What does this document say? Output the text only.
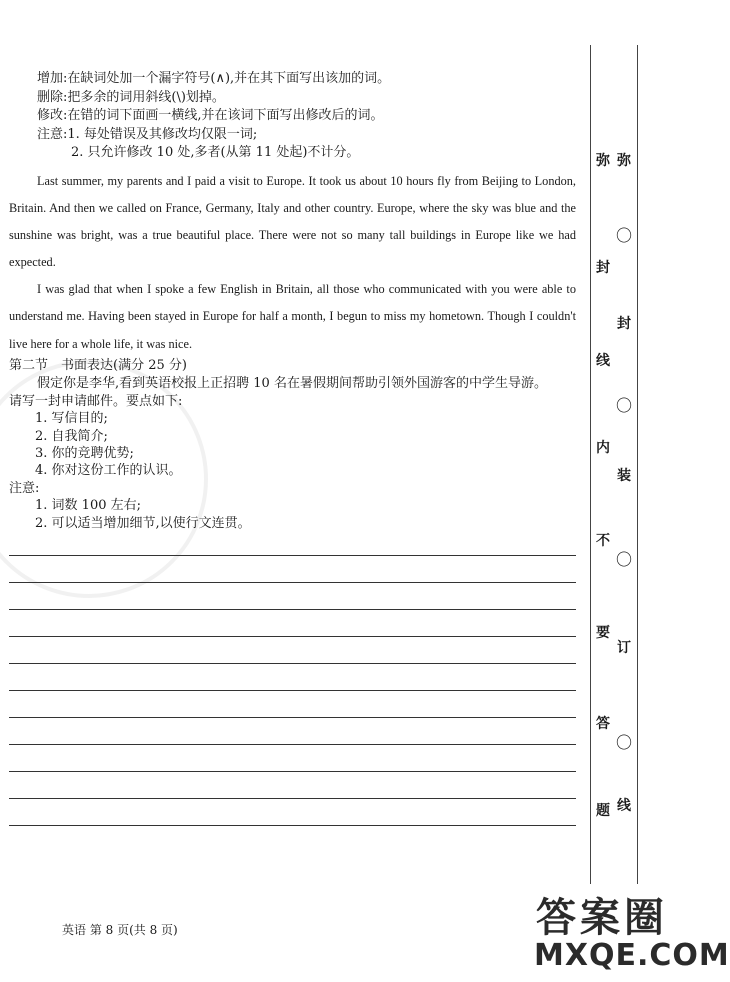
增加:在缺词处加一个漏字符号(∧),并在其下面写出该加的词。
删除:把多余的词用斜线(\)划掉。
修改:在错的词下面画一横线,并在该词下面写出修改后的词。
注意:1. 每处错误及其修改均仅限一词;
2. 只允许修改 10 处,多者(从第 11 处起)不计分。

Last summer, my parents and I paid a visit to Europe. It took us about 10 hours fly from Beijing to London, Britain. And then we called on France, Germany, Italy and other country. Europe, where the sky was blue and the sunshine was bright, was a true beautiful place. There were not so many tall buildings in Europe like we had expected.

I was glad that when I spoke a few English in Britain, all those who communicated with you were able to understand me. Having been stayed in Europe for half a month, I begun to miss my hometown. Though I couldn't live here for a whole life, it was nice.

第二节　书面表达(满分 25 分)
假定你是李华,看到英语校报上正招聘 10 名在暑假期间帮助引领外国游客的中学生导游。
请写一封申请邮件。要点如下:
1. 写信目的;
2. 自我简介;
3. 你的竞聘优势;
4. 你对这份工作的认识。
注意:
1. 词数 100 左右;
2. 可以适当增加细节,以使行文连贯。
英语 第 8 页(共 8 页)
弥
封
线
内
不
要
答
题
弥
〇
封
〇
装
〇
订
〇
线
答案圈
MXQE.COM
